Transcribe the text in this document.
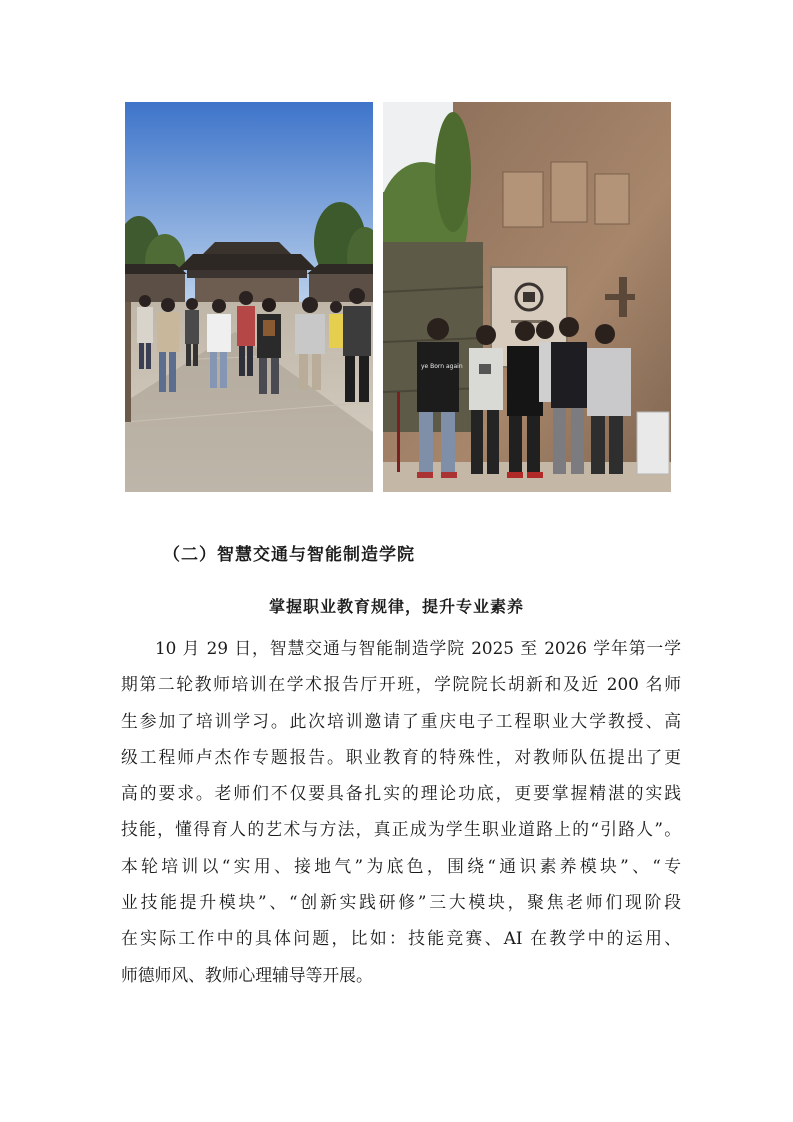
ye Born again
（二）智慧交通与智能制造学院
掌握职业教育规律，提升专业素养
10 月 29 日，智慧交通与智能制造学院 2025 至 2026 学年第一学
期第二轮教师培训在学术报告厅开班，学院院长胡新和及近 200 名师
生参加了培训学习。此次培训邀请了重庆电子工程职业大学教授、高
级工程师卢杰作专题报告。职业教育的特殊性，对教师队伍提出了更
高的要求。老师们不仅要具备扎实的理论功底，更要掌握精湛的实践
技能，懂得育人的艺术与方法，真正成为学生职业道路上的“引路人”。
本轮培训以“实用、接地气”为底色，围绕“通识素养模块”、“专
业技能提升模块”、“创新实践研修”三大模块，聚焦老师们现阶段
在实际工作中的具体问题，比如：技能竞赛、AI 在教学中的运用、
师德师风、教师心理辅导等开展。
